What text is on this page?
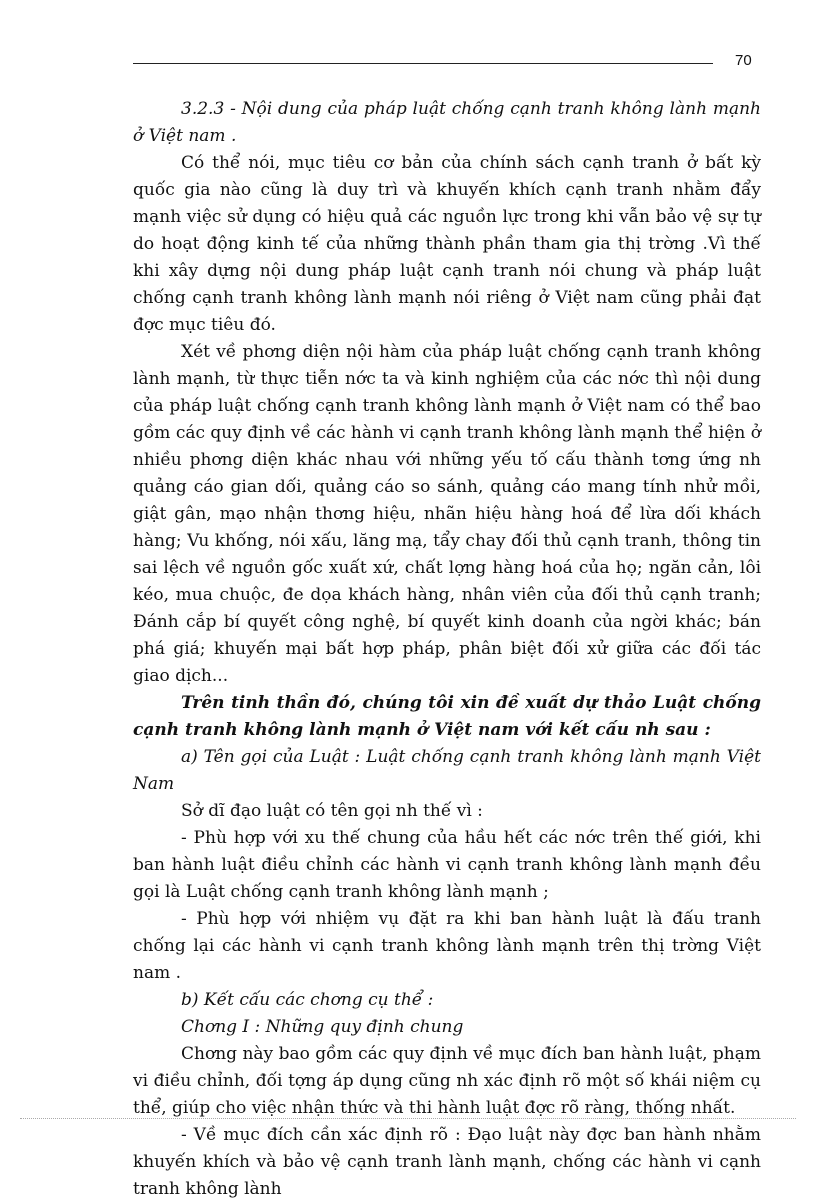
70

3.2.3 - Nội dung của pháp luật chống cạnh tranh không lành mạnh ở Việt nam .

Có thể nói, mục tiêu cơ bản của chính sách cạnh tranh ở bất kỳ quốc gia nào cũng là duy trì và khuyến khích cạnh tranh nhằm đẩy mạnh việc sử dụng có hiệu quả các nguồn lực trong khi vẫn bảo vệ sự tự do hoạt động kinh tế của những thành phần tham gia thị trờng .Vì thế khi xây dựng nội dung pháp luật cạnh tranh nói chung và pháp luật chống cạnh tranh không lành mạnh nói riêng ở Việt nam cũng phải đạt đợc mục tiêu đó.

Xét về phơng diện nội hàm của pháp luật chống cạnh tranh không lành mạnh, từ thực tiễn nớc ta và kinh nghiệm của các nớc thì nội dung của pháp luật chống cạnh tranh không lành mạnh ở Việt nam có thể bao gồm các quy định về các hành vi cạnh tranh không lành mạnh thể hiện ở nhiều phơng diện khác nhau với những yếu tố cấu thành tơng ứng nh quảng cáo gian dối, quảng cáo so sánh, quảng cáo mang tính nhử mồi, giật gân, mạo nhận thơng hiệu, nhãn hiệu hàng hoá để lừa dối khách hàng; Vu khống, nói xấu, lăng mạ, tẩy chay đối thủ cạnh tranh, thông tin sai lệch về nguồn gốc xuất xứ, chất lợng hàng hoá của họ; ngăn cản, lôi kéo, mua chuộc, đe dọa khách hàng, nhân viên của đối thủ cạnh tranh; Đánh cắp bí quyết công nghệ, bí quyết kinh doanh của ngời khác; bán phá giá; khuyến mại bất hợp pháp, phân biệt đối xử giữa các đối tác giao dịch...

Trên tinh thần đó, chúng tôi xin đề xuất dự thảo Luật chống cạnh tranh không lành mạnh ở Việt nam với kết cấu nh sau :

a) Tên gọi của Luật : Luật chống cạnh tranh không lành mạnh Việt Nam

Sở dĩ đạo luật có tên gọi nh thế vì :

- Phù hợp với xu thế chung của hầu hết các nớc trên thế giới, khi ban hành luật điều chỉnh các hành vi cạnh tranh không lành mạnh đều gọi là Luật chống cạnh tranh không lành mạnh ;

- Phù hợp với nhiệm vụ đặt ra khi ban hành luật là đấu tranh chống lại các hành vi cạnh tranh không lành mạnh trên thị trờng Việt nam .

b) Kết cấu các chơng cụ thể :

Chơng I : Những quy định chung

Chơng này bao gồm các quy định về mục đích ban hành luật, phạm vi điều chỉnh, đối tợng áp dụng cũng nh xác định rõ một số khái niệm cụ thể, giúp cho việc nhận thức và thi hành luật đợc rõ ràng, thống nhất.

- Về mục đích cần xác định rõ : Đạo luật này đợc ban hành nhằm khuyến khích và bảo vệ cạnh tranh lành mạnh, chống các hành vi cạnh tranh không lành
